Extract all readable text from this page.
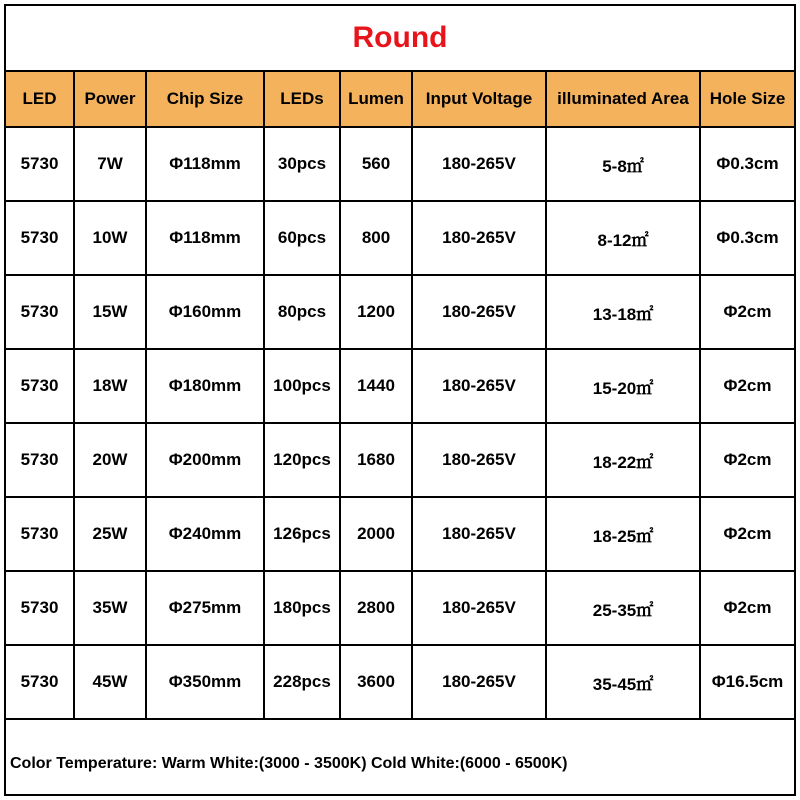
Round
LED	Power	Chip Size	LEDs	Lumen	Input Voltage	illuminated Area	Hole Size
5730	7W	Φ118mm	30pcs	560	180-265V	5-8㎡	Φ0.3cm
5730	10W	Φ118mm	60pcs	800	180-265V	8-12㎡	Φ0.3cm
5730	15W	Φ160mm	80pcs	1200	180-265V	13-18㎡	Φ2cm
5730	18W	Φ180mm	100pcs	1440	180-265V	15-20㎡	Φ2cm
5730	20W	Φ200mm	120pcs	1680	180-265V	18-22㎡	Φ2cm
5730	25W	Φ240mm	126pcs	2000	180-265V	18-25㎡	Φ2cm
5730	35W	Φ275mm	180pcs	2800	180-265V	25-35㎡	Φ2cm
5730	45W	Φ350mm	228pcs	3600	180-265V	35-45㎡	Φ16.5cm
Color Temperature: Warm White:(3000 - 3500K) Cold White:(6000 - 6500K)
